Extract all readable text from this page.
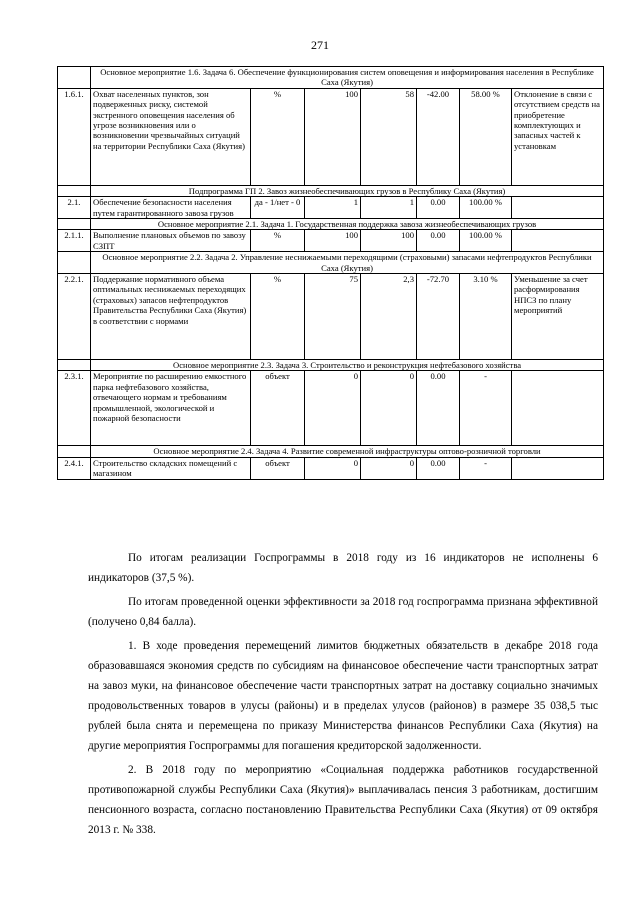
271
	Основное мероприятие 1.6. Задача 6. Обеспечение функционирования систем оповещения и информирования населения в Республике Саха (Якутия)						
1.6.1.	Охват населенных пунктов, зон подверженных риску, системой экстренного оповещения населения об угрозе возникновения или о возникновении чрезвычайных ситуаций на территории Республики Саха (Якутия)	%	100	58	-42.00	58.00 %	Отклонение в связи с отсутствием средств на приобретение комплектующих и запасных частей к установкам
	Подпрограмма ГП 2. Завоз жизнеобеспечивающих грузов в Республику Саха (Якутия)						
2.1.	Обеспечение безопасности населения путем гарантированного завоза грузов	да - 1/нет - 0	1	1	0.00	100.00 %	
	Основное мероприятие 2.1. Задача 1. Государственная поддержка завоза жизнеобеспечивающих грузов						
2.1.1.	Выполнение плановых объемов по завозу СЗПТ	%	100	100	0.00	100.00 %	
	Основное мероприятие 2.2. Задача 2. Управление неснижаемыми переходящими (страховыми) запасами нефтепродуктов Республики Саха (Якутия)						
2.2.1.	Поддержание нормативного объема оптимальных неснижаемых переходящих (страховых) запасов нефтепродуктов Правительства Республики Саха (Якутия) в соответствии с нормами	%	75	2,3	-72.70	3.10 %	Уменьшение за счет расформирования НПСЗ по плану мероприятий
	Основное мероприятие 2.3. Задача 3. Строительство и реконструкция нефтебазового хозяйства						
2.3.1.	Мероприятие по расширению емкостного парка нефтебазового хозяйства, отвечающего нормам и требованиям промышленной, экологической и пожарной безопасности	объект	0	0	0.00	-	
	Основное мероприятие 2.4. Задача 4. Развитие современной инфраструктуры оптово-розничной торговли						
2.4.1.	Строительство складских помещений с магазином	объект	0	0	0.00	-	

По итогам реализации Госпрограммы в 2018 году из 16 индикаторов не исполнены 6 индикаторов (37,5 %).

По итогам проведенной оценки эффективности за 2018 год госпрограмма признана эффективной (получено 0,84 балла).

1. В ходе проведения перемещений лимитов бюджетных обязательств в декабре 2018 года образовавшаяся экономия средств по субсидиям на финансовое обеспечение части транспортных затрат на завоз муки, на финансовое обеспечение части транспортных затрат на доставку социально значимых продовольственных товаров в улусы (районы) и в пределах улусов (районов) в размере 35 038,5 тыс рублей была снята и перемещена по приказу Министерства финансов Республики Саха (Якутия) на другие мероприятия Госпрограммы для погашения кредиторской задолженности.

2. В 2018 году по мероприятию «Социальная поддержка работников государственной противопожарной службы Республики Саха (Якутия)» выплачивалась пенсия 3 работникам, достигшим пенсионного возраста, согласно постановлению Правительства Республики Саха (Якутия) от 09 октября 2013 г. № 338.
